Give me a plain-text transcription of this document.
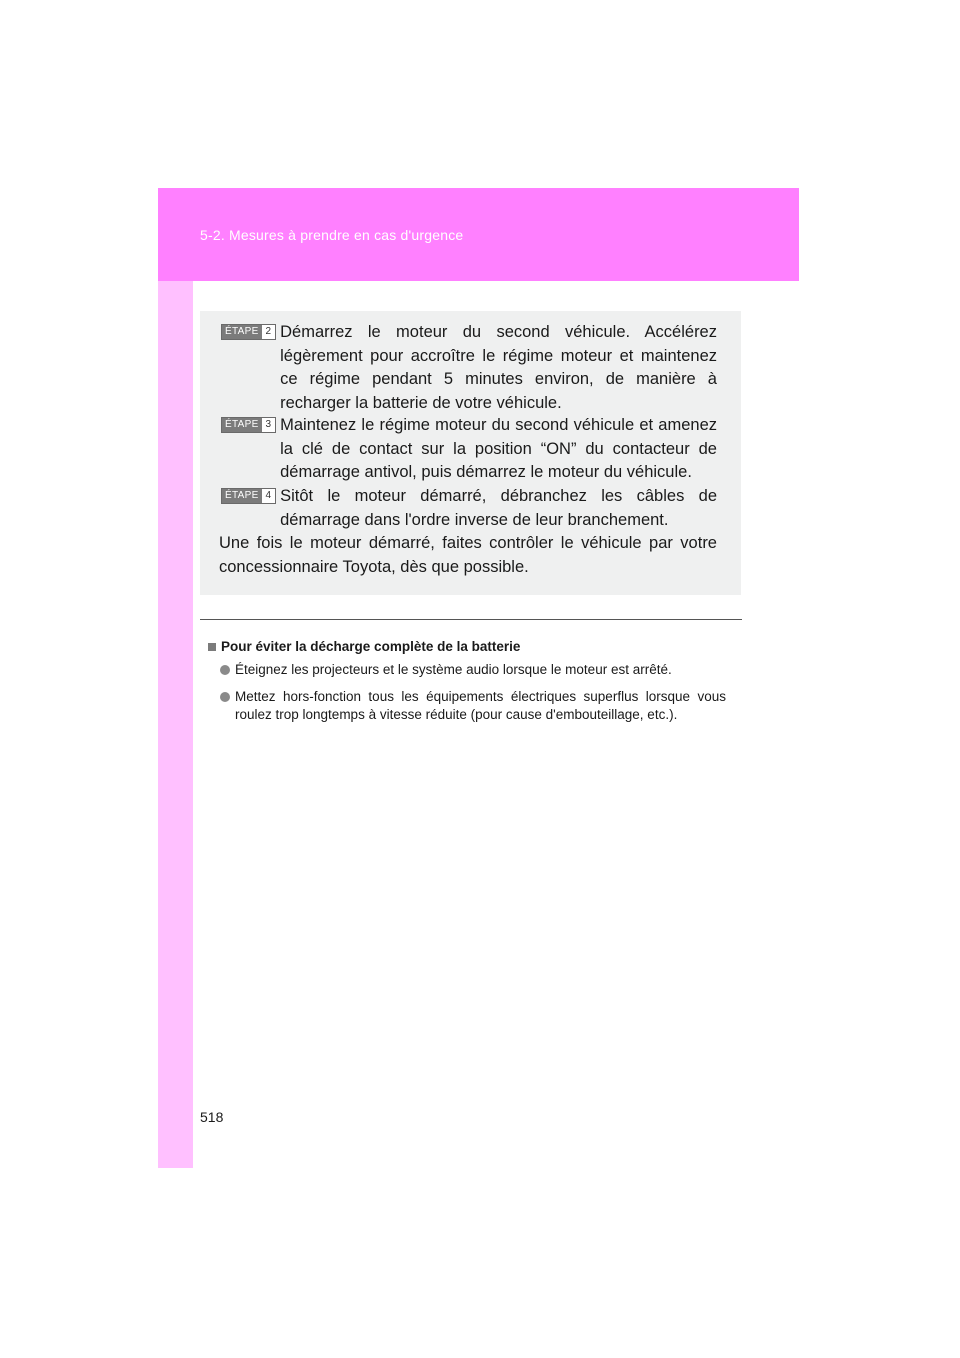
5-2. Mesures à prendre en cas d'urgence
ÉTAPE 2 Démarrez le moteur du second véhicule. Accélérez légèrement pour accroître le régime moteur et maintenez ce régime pendant 5 minutes environ, de manière à recharger la batterie de votre véhicule.
ÉTAPE 3 Maintenez le régime moteur du second véhicule et amenez la clé de contact sur la position “ON” du contacteur de démarrage antivol, puis démarrez le moteur du véhicule.
ÉTAPE 4 Sitôt le moteur démarré, débranchez les câbles de démarrage dans l'ordre inverse de leur branchement.
Une fois le moteur démarré, faites contrôler le véhicule par votre concessionnaire Toyota, dès que possible.
Pour éviter la décharge complète de la batterie
Éteignez les projecteurs et le système audio lorsque le moteur est arrêté.
Mettez hors-fonction tous les équipements électriques superflus lorsque vous roulez trop longtemps à vitesse réduite (pour cause d'embouteillage, etc.).
518
